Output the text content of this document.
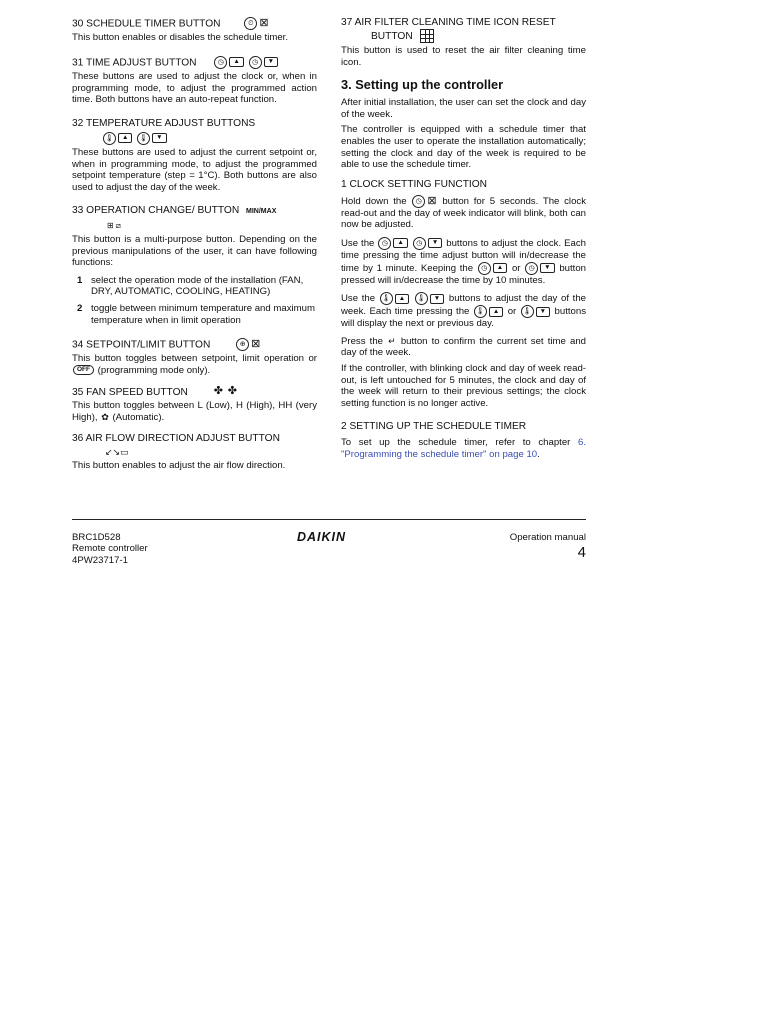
30 SCHEDULE TIMER BUTTON	⏲ ⊠

This button enables or disables the schedule timer.

31 TIME ADJUST BUTTON	◷ ▲ ◷ ▼

These buttons are used to adjust the clock or, when in programming mode, to adjust the programmed action time. Both buttons have an auto-repeat function.

32 TEMPERATURE ADJUST BUTTONS
🌡 ▲ 🌡 ▼

These buttons are used to adjust the current setpoint or, when in programming mode, to adjust the programmed setpoint temperature (step = 1°C). Both buttons are also used to adjust the day of the week.

33 OPERATION CHANGE/ BUTTON MIN/MAX
⊞ ⧄

This button is a multi-purpose button. Depending on the previous manipulations of the user, it can have following functions:

1 select the operation mode of the installation (FAN, DRY, AUTOMATIC, COOLING, HEATING)
2 toggle between minimum temperature and maximum temperature when in limit operation
34 SETPOINT/LIMIT BUTTON	⊕ ⊠

This button toggles between setpoint, limit operation or OFF (programming mode only).

35 FAN SPEED BUTTON ✤ ✤

This button toggles between L (Low), H (High), HH (very High), ✿ (Automatic).

36 AIR FLOW DIRECTION ADJUST BUTTON
↙↘▭

This button enables to adjust the air flow direction.

37 AIR FILTER CLEANING TIME ICON RESET
BUTTON

This button is used to reset the air filter cleaning time icon.

3. Setting up the controller

After initial installation, the user can set the clock and day of the week.

The controller is equipped with a schedule timer that enables the user to operate the installation automatically; setting the clock and day of the week is required to be able to use the schedule timer.

1 CLOCK SETTING FUNCTION

Hold down the ◷ ⊠ button for 5 seconds. The clock read-out and the day of week indicator will blink, both can now be adjusted.

Use the ◷ ▲ ◷ ▼ buttons to adjust the clock. Each time pressing the time adjust button will in/decrease the time by 1 minute. Keeping the ◷ ▲ or ◷ ▼ button pressed will in/decrease the time by 10 minutes.

Use the 🌡 ▲ 🌡 ▼ buttons to adjust the day of the week. Each time pressing the 🌡 ▲ or 🌡 ▼ buttons will display the next or previous day.

Press the ↵ button to confirm the current set time and day of the week.

If the controller, with blinking clock and day of week read-out, is left untouched for 5 minutes, the clock and day of the week will return to their previous settings; the clock setting function is no longer active.

2 SETTING UP THE SCHEDULE TIMER

To set up the schedule timer, refer to chapter 6. "Programming the schedule timer" on page 10.

BRC1D528
Remote controller
4PW23717-1
DAIKIN	Operation manual
4
